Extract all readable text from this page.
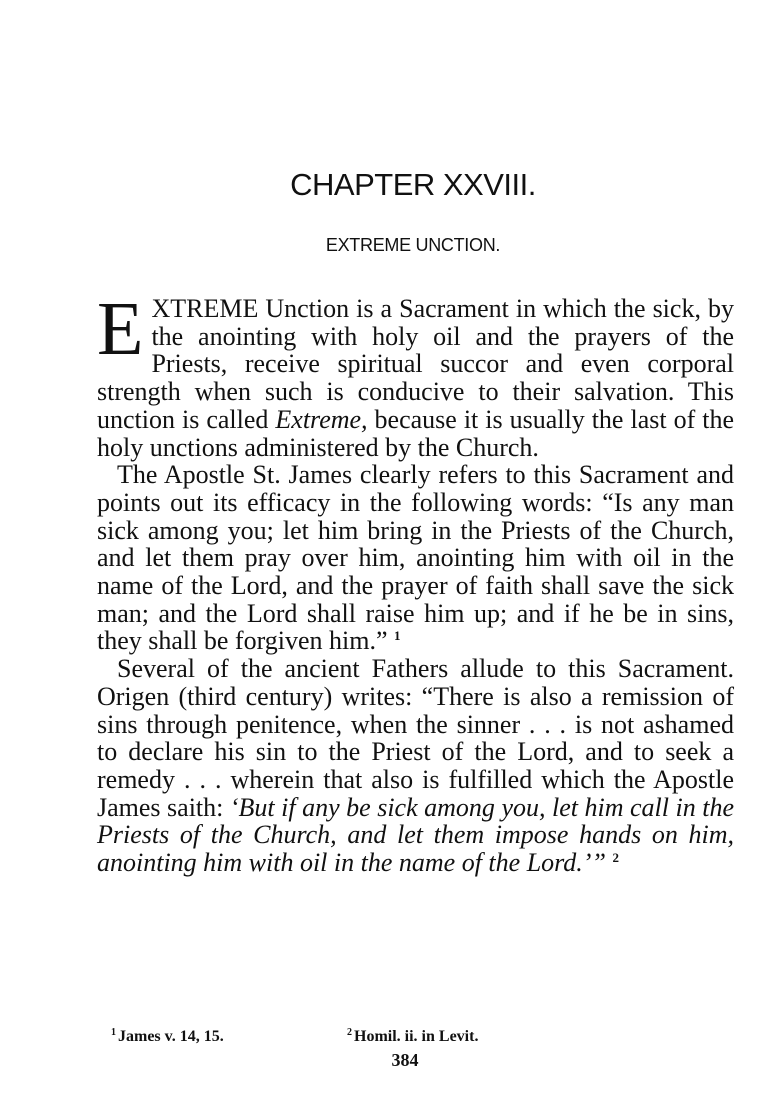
CHAPTER XXVIII.
EXTREME UNCTION.

EXTREME Unction is a Sacrament in which the sick, by the anointing with holy oil and the prayers of the Priests, receive spiritual succor and even corporal strength when such is conducive to their salvation. This unction is called Extreme, because it is usually the last of the holy unctions administered by the Church.

The Apostle St. James clearly refers to this Sacrament and points out its efficacy in the following words: “Is any man sick among you; let him bring in the Priests of the Church, and let them pray over him, anointing him with oil in the name of the Lord, and the prayer of faith shall save the sick man; and the Lord shall raise him up; and if he be in sins, they shall be forgiven him.” $^1$

Several of the ancient Fathers allude to this Sacrament. Origen (third century) writes: “There is also a remission of sins through penitence, when the sinner . . . is not ashamed to declare his sin to the Priest of the Lord, and to seek a remedy . . . wherein that also is fulfilled which the Apostle James saith: ‘But if any be sick among you, let him call in the Priests of the Church, and let them impose hands on him, anointing him with oil in the name of the Lord.’” $^2$

$^1$ James v. 14, 15.	$^2$ Homil. ii. in Levit.
384
